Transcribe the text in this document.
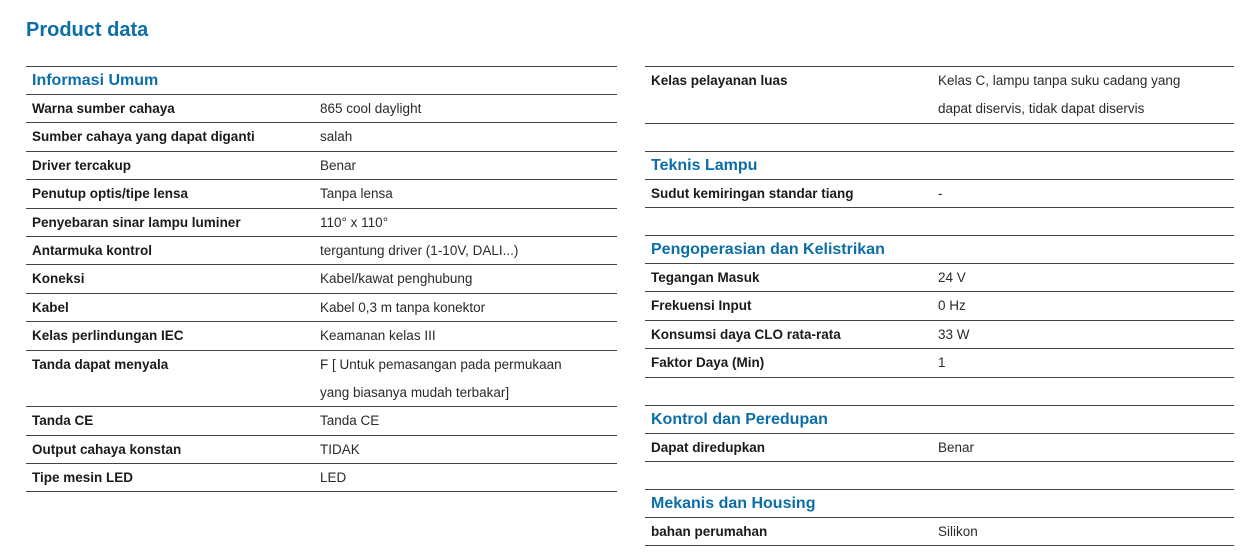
Product data
Informasi Umum
Warna sumber cahaya	865 cool daylight
Sumber cahaya yang dapat diganti	salah
Driver tercakup	Benar
Penutup optis/tipe lensa	Tanpa lensa
Penyebaran sinar lampu luminer	110° x 110°
Antarmuka kontrol	tergantung driver (1-10V, DALI...)
Koneksi	Kabel/kawat penghubung
Kabel	Kabel 0,3 m tanpa konektor
Kelas perlindungan IEC	Keamanan kelas III
Tanda dapat menyala	F [ Untuk pemasangan pada permukaan
yang biasanya mudah terbakar]
Tanda CE	Tanda CE
Output cahaya konstan	TIDAK
Tipe mesin LED	LED
Kelas pelayanan luas	Kelas C, lampu tanpa suku cadang yang
dapat diservis, tidak dapat diservis
Teknis Lampu
Sudut kemiringan standar tiang	-
Pengoperasian dan Kelistrikan
Tegangan Masuk	24 V
Frekuensi Input	0 Hz
Konsumsi daya CLO rata-rata	33 W
Faktor Daya (Min)	1
Kontrol dan Peredupan
Dapat diredupkan	Benar
Mekanis dan Housing
bahan perumahan	Silikon
